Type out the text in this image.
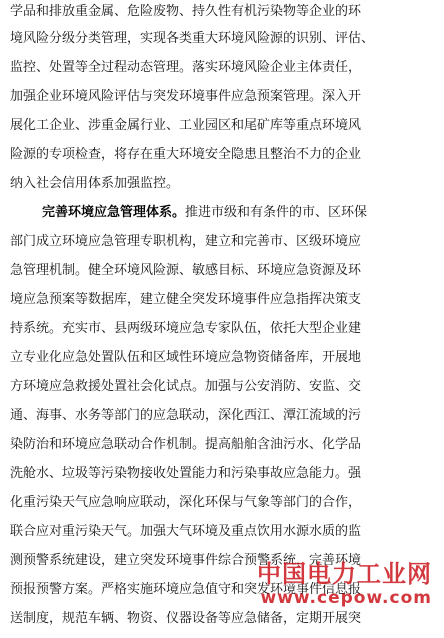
学品和排放重金属、危险废物、持久性有机污染物等企业的环
境风险分级分类管理，实现各类重大环境风险源的识别、评估、
监控、处置等全过程动态管理。落实环境风险企业主体责任，
加强企业环境风险评估与突发环境事件应急预案管理。深入开
展化工企业、涉重金属行业、工业园区和尾矿库等重点环境风
险源的专项检查，将存在重大环境安全隐患且整治不力的企业
纳入社会信用体系加强监控。
完善环境应急管理体系。推进市级和有条件的市、区环保
部门成立环境应急管理专职机构，建立和完善市、区级环境应
急管理机制。健全环境风险源、敏感目标、环境应急资源及环
境应急预案等数据库，建立健全突发环境事件应急指挥决策支
持系统。充实市、县两级环境应急专家队伍，依托大型企业建
立专业化应急处置队伍和区域性环境应急物资储备库，开展地
方环境应急救援处置社会化试点。加强与公安消防、安监、交
通、海事、水务等部门的应急联动，深化西江、潭江流域的污
染防治和环境应急联动合作机制。提高船舶含油污水、化学品
洗舱水、垃圾等污染物接收处置能力和污染事故应急能力。强
化重污染天气应急响应联动，深化环保与气象等部门的合作，
联合应对重污染天气。加强大气环境及重点饮用水源水质的监
测预警系统建设，建立突发环境事件综合预警系统，完善环境
预报预警方案。严格实施环境应急值守和突发环境事件信息报
送制度，规范车辆、物资、仪器设备等应急储备，定期开展突
中国电力工业网
www.cepow.com
